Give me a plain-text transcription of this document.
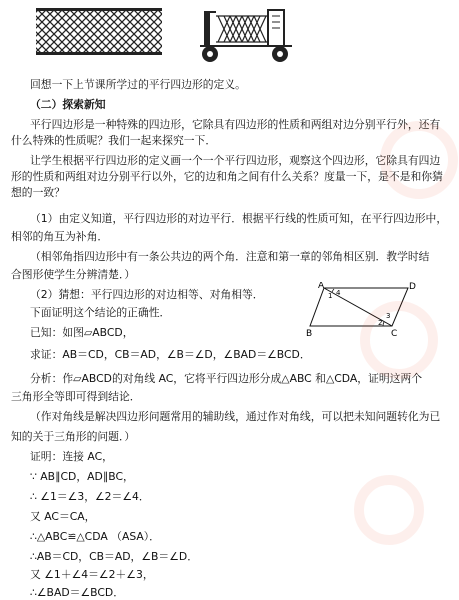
回想一下上节课所学过的平行四边形的定义。
（二）探索新知
平行四边形是一种特殊的四边形，它除具有四边形的性质和两组对边分别平行外，还有
什么特殊的性质呢？我们一起来探究一下．
让学生根据平行四边形的定义画一个一个平行四边形，观察这个四边形，它除具有四边
形的性质和两组对边分别平行以外，它的边和角之间有什么关系？度量一下，是不是和你猜
想的一致？
（1）由定义知道，平行四边形的对边平行．根据平行线的性质可知，在平行四边形中，
相邻的角互为补角．
（相邻角指四边形中有一条公共边的两个角．注意和第一章的邻角相区别．教学时结
合图形使学生分辨清楚．）
（2）猜想：平行四边形的对边相等、对角相等．
下面证明这个结论的正确性．
已知：如图▱ABCD，
求证：AB＝CD，CB＝AD，∠B＝∠D，∠BAD＝∠BCD．
分析：作▱ABCD的对角线 AC，它将平行四边形分成△ABC 和△CDA，证明这两个
三角形全等即可得到结论．
（作对角线是解决四边形问题常用的辅助线，通过作对角线，可以把未知问题转化为已
知的关于三角形的问题．）
证明：连接 AC，
∵ AB∥CD，AD∥BC，
∴ ∠1＝∠3，∠2＝∠4．
又 AC＝CA，
∴△ABC≌△CDA （ASA）．
∴AB＝CD，CB＝AD，∠B＝∠D．
又 ∠1＋∠4＝∠2＋∠3，
∴∠BAD＝∠BCD．
A
B	C
D
1 4
2
3
